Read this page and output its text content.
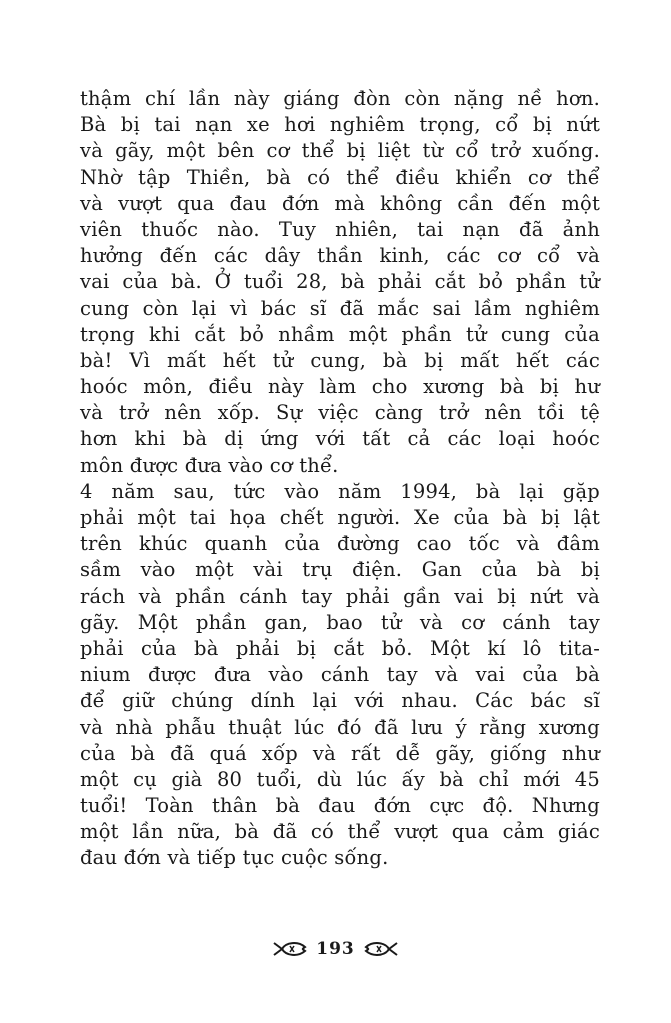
thậm chí lần này giáng đòn còn nặng nề hơn.
Bà bị tai nạn xe hơi nghiêm trọng, cổ bị nứt
và gãy, một bên cơ thể bị liệt từ cổ trở xuống.
Nhờ tập Thiền, bà có thể điều khiển cơ thể
và vượt qua đau đớn mà không cần đến một
viên thuốc nào. Tuy nhiên, tai nạn đã ảnh
hưởng đến các dây thần kinh, các cơ cổ và
vai của bà. Ở tuổi 28, bà phải cắt bỏ phần tử
cung còn lại vì bác sĩ đã mắc sai lầm nghiêm
trọng khi cắt bỏ nhầm một phần tử cung của
bà! Vì mất hết tử cung, bà bị mất hết các
hoóc môn, điều này làm cho xương bà bị hư
và trở nên xốp. Sự việc càng trở nên tồi tệ
hơn khi bà dị ứng với tất cả các loại hoóc
môn được đưa vào cơ thể.
4 năm sau, tức vào năm 1994, bà lại gặp
phải một tai họa chết người. Xe của bà bị lật
trên khúc quanh của đường cao tốc và đâm
sầm vào một vài trụ điện. Gan của bà bị
rách và phần cánh tay phải gần vai bị nứt và
gãy. Một phần gan, bao tử và cơ cánh tay
phải của bà phải bị cắt bỏ. Một kí lô tita-
nium được đưa vào cánh tay và vai của bà
để giữ chúng dính lại với nhau. Các bác sĩ
và nhà phẫu thuật lúc đó đã lưu ý rằng xương
của bà đã quá xốp và rất dễ gãy, giống như
một cụ già 80 tuổi, dù lúc ấy bà chỉ mới 45
tuổi! Toàn thân bà đau đớn cực độ. Nhưng
một lần nữa, bà đã có thể vượt qua cảm giác
đau đớn và tiếp tục cuộc sống.
193
